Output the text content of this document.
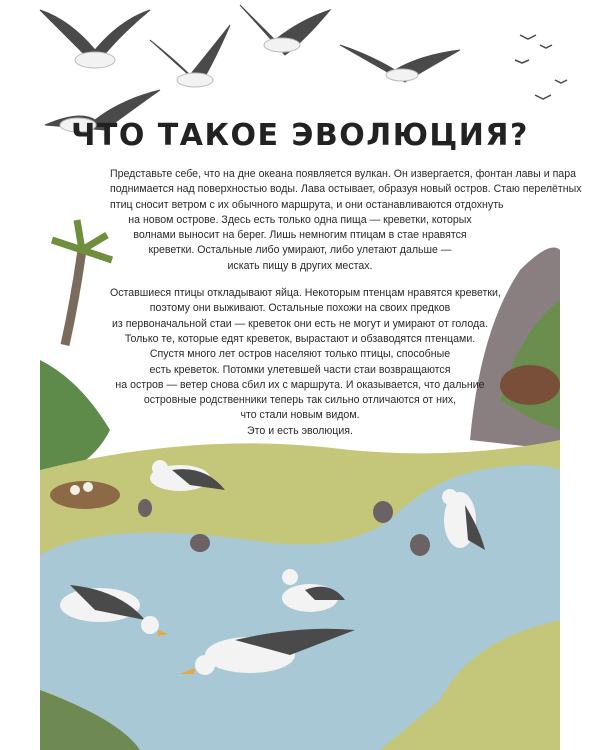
ЧТО ТАКОЕ ЭВОЛЮЦИЯ?

Представьте себе, что на дне океана появляется вулкан. Он извергается, фонтан лавы и пара
поднимается над поверхностью воды. Лава остывает, образуя новый остров. Стаю перелётных
птиц сносит ветром с их обычного маршрута, и они останавливаются отдохнуть
на новом острове. Здесь есть только одна пища — креветки, которых
волнами выносит на берег. Лишь немногим птицам в стае нравятся
креветки. Остальные либо умирают, либо улетают дальше —
искать пищу в других местах.

Оставшиеся птицы откладывают яйца. Некоторым птенцам нравятся креветки,
поэтому они выживают. Остальные похожи на своих предков
из первоначальной стаи — креветок они есть не могут и умирают от голода.
Только те, которые едят креветок, вырастают и обзаводятся птенцами.
Спустя много лет остров населяют только птицы, способные
есть креветок. Потомки улетевшей части стаи возвращаются
на остров — ветер снова сбил их с маршрута. И оказывается, что дальние
островные родственники теперь так сильно отличаются от них,
что стали новым видом.
Это и есть эволюция.
